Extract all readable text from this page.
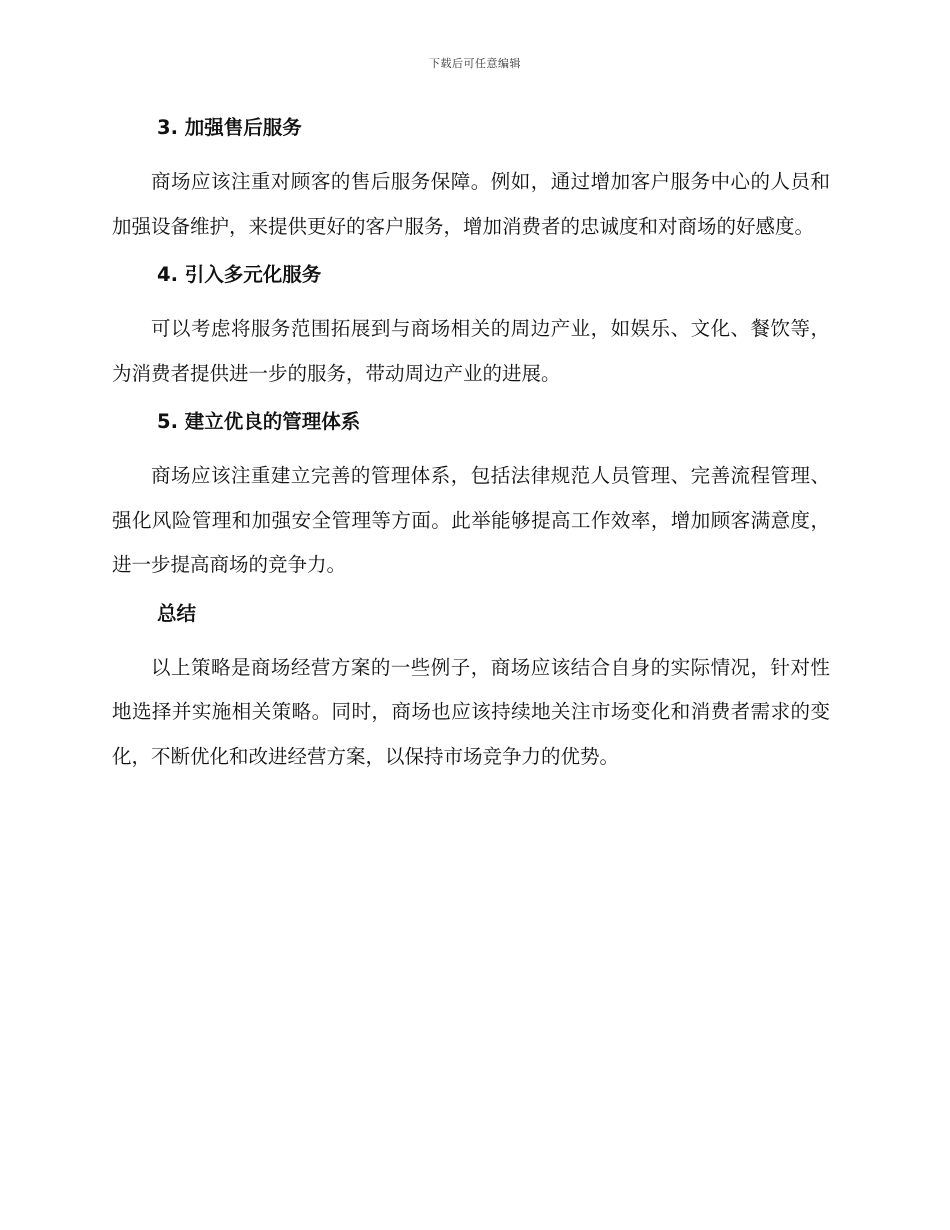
下载后可任意编辑
3. 加强售后服务

商场应该注重对顾客的售后服务保障。例如，通过增加客户服务中心的人员和加强设备维护，来提供更好的客户服务，增加消费者的忠诚度和对商场的好感度。

4. 引入多元化服务

可以考虑将服务范围拓展到与商场相关的周边产业，如娱乐、文化、餐饮等，为消费者提供进一步的服务，带动周边产业的进展。

5. 建立优良的管理体系

商场应该注重建立完善的管理体系，包括法律规范人员管理、完善流程管理、强化风险管理和加强安全管理等方面。此举能够提高工作效率，增加顾客满意度，进一步提高商场的竞争力。

总结

以上策略是商场经营方案的一些例子，商场应该结合自身的实际情况，针对性地选择并实施相关策略。同时，商场也应该持续地关注市场变化和消费者需求的变化，不断优化和改进经营方案，以保持市场竞争力的优势。
